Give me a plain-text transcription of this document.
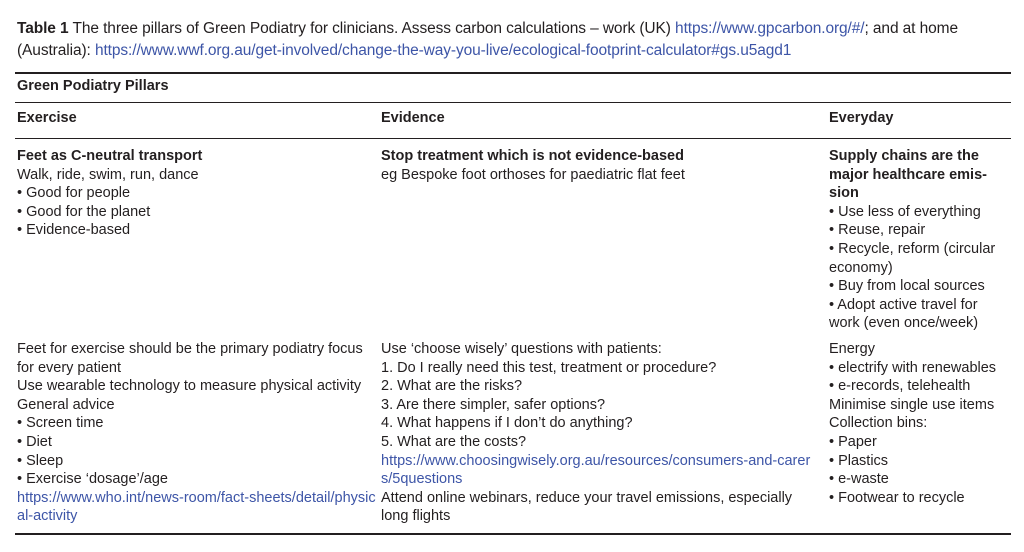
Table 1 The three pillars of Green Podiatry for clinicians. Assess carbon calculations – work (UK) https://www.gpcarbon.org/#/; and at home (Australia): https://www.wwf.org.au/get-involved/change-the-way-you-live/ecological-footprint-calculator#gs.u5agd1
Green Podiatry Pillars
Exercise	Evidence	Everyday
Feet as C-neutral transport
Walk, ride, swim, run, dance
• Good for people
• Good for the planet
• Evidence-based
Stop treatment which is not evidence-based
eg Bespoke foot orthoses for paediatric flat feet
Supply chains are the major healthcare emis-sion
• Use less of everything
• Reuse, repair
• Recycle, reform (circular economy)
• Buy from local sources
• Adopt active travel for work (even once/week)
Feet for exercise should be the primary podiatry focus for every patient
Use wearable technology to measure physical activity
General advice
• Screen time
• Diet
• Sleep
• Exercise ‘dosage’/age
https://www.who.int/news-room/fact-sheets/detail/physical-activity
Use ‘choose wisely’ questions with patients:
1. Do I really need this test, treatment or procedure?
2. What are the risks?
3. Are there simpler, safer options?
4. What happens if I don’t do anything?
5. What are the costs?
https://www.choosingwisely.org.au/resources/consumers-and-carers/5questions
Attend online webinars, reduce your travel emissions, especially long flights
Energy
• electrify with renewables
• e-records, telehealth
Minimise single use items
Collection bins:
• Paper
• Plastics
• e-waste
• Footwear to recycle
